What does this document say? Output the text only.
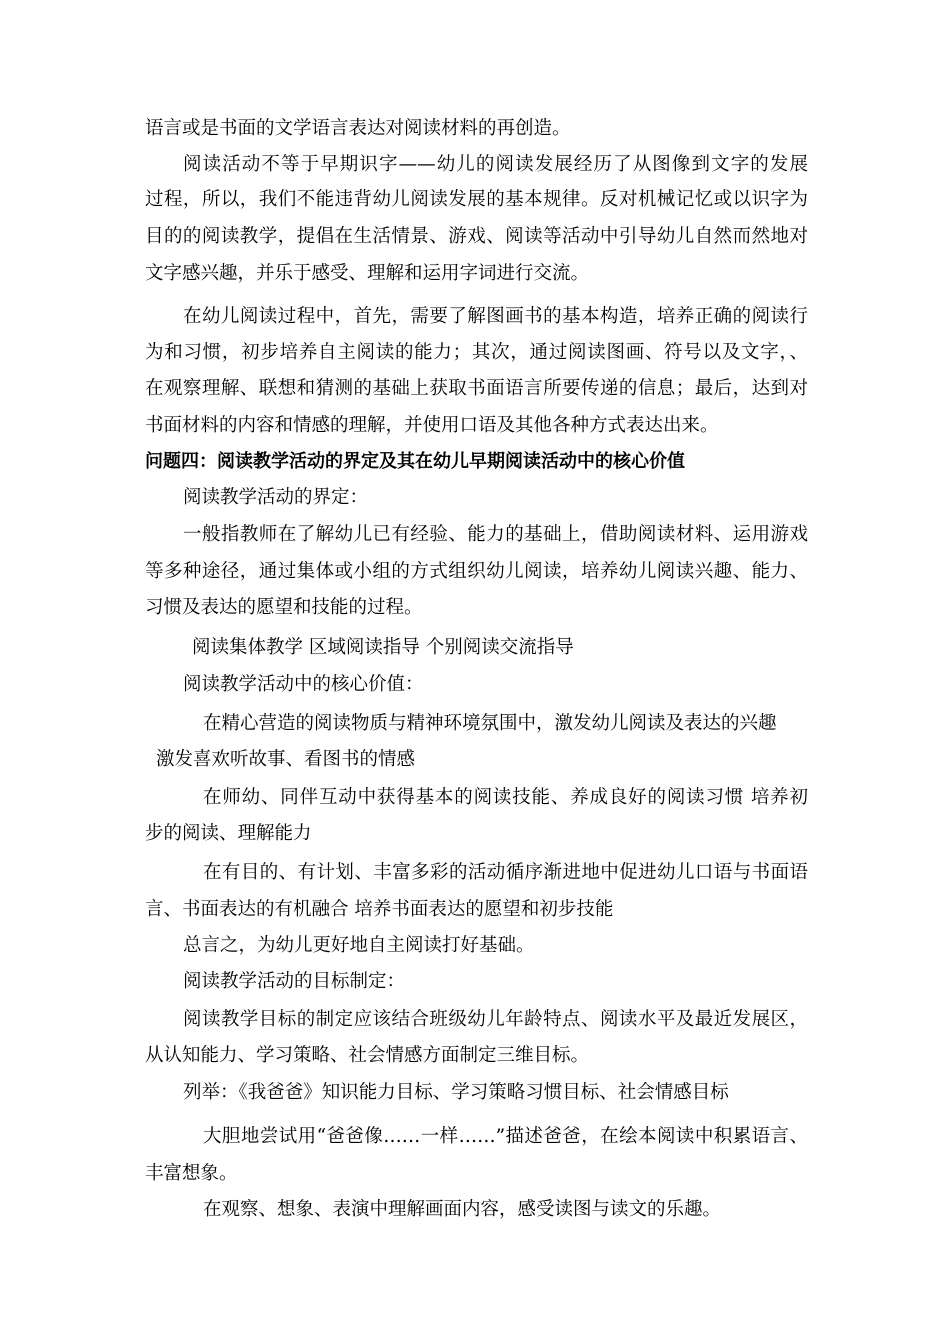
语言或是书面的文学语言表达对阅读材料的再创造。
阅读活动不等于早期识字——幼儿的阅读发展经历了从图像到文字的发展
过程，所以，我们不能违背幼儿阅读发展的基本规律。反对机械记忆或以识字为
目的的阅读教学，提倡在生活情景、游戏、阅读等活动中引导幼儿自然而然地对
文字感兴趣，并乐于感受、理解和运用字词进行交流。
在幼儿阅读过程中，首先，需要了解图画书的基本构造，培养正确的阅读行
为和习惯，初步培养自主阅读的能力；其次，通过阅读图画、符号以及文字，、
在观察理解、联想和猜测的基础上获取书面语言所要传递的信息；最后，达到对
书面材料的内容和情感的理解，并使用口语及其他各种方式表达出来。
问题四：阅读教学活动的界定及其在幼儿早期阅读活动中的核心价值
阅读教学活动的界定：
一般指教师在了解幼儿已有经验、能力的基础上，借助阅读材料、运用游戏
等多种途径，通过集体或小组的方式组织幼儿阅读，培养幼儿阅读兴趣、能力、
习惯及表达的愿望和技能的过程。
阅读集体教学 区域阅读指导 个别阅读交流指导
阅读教学活动中的核心价值：
在精心营造的阅读物质与精神环境氛围中，激发幼儿阅读及表达的兴趣
激发喜欢听故事、看图书的情感
在师幼、同伴互动中获得基本的阅读技能、养成良好的阅读习惯 培养初
步的阅读、理解能力
在有目的、有计划、丰富多彩的活动循序渐进地中促进幼儿口语与书面语
言、书面表达的有机融合 培养书面表达的愿望和初步技能
总言之，为幼儿更好地自主阅读打好基础。
阅读教学活动的目标制定：
阅读教学目标的制定应该结合班级幼儿年龄特点、阅读水平及最近发展区，
从认知能力、学习策略、社会情感方面制定三维目标。
列举：《我爸爸》知识能力目标、学习策略习惯目标、社会情感目标
大胆地尝试用“爸爸像……一样……”描述爸爸，在绘本阅读中积累语言、
丰富想象。
在观察、想象、表演中理解画面内容，感受读图与读文的乐趣。
